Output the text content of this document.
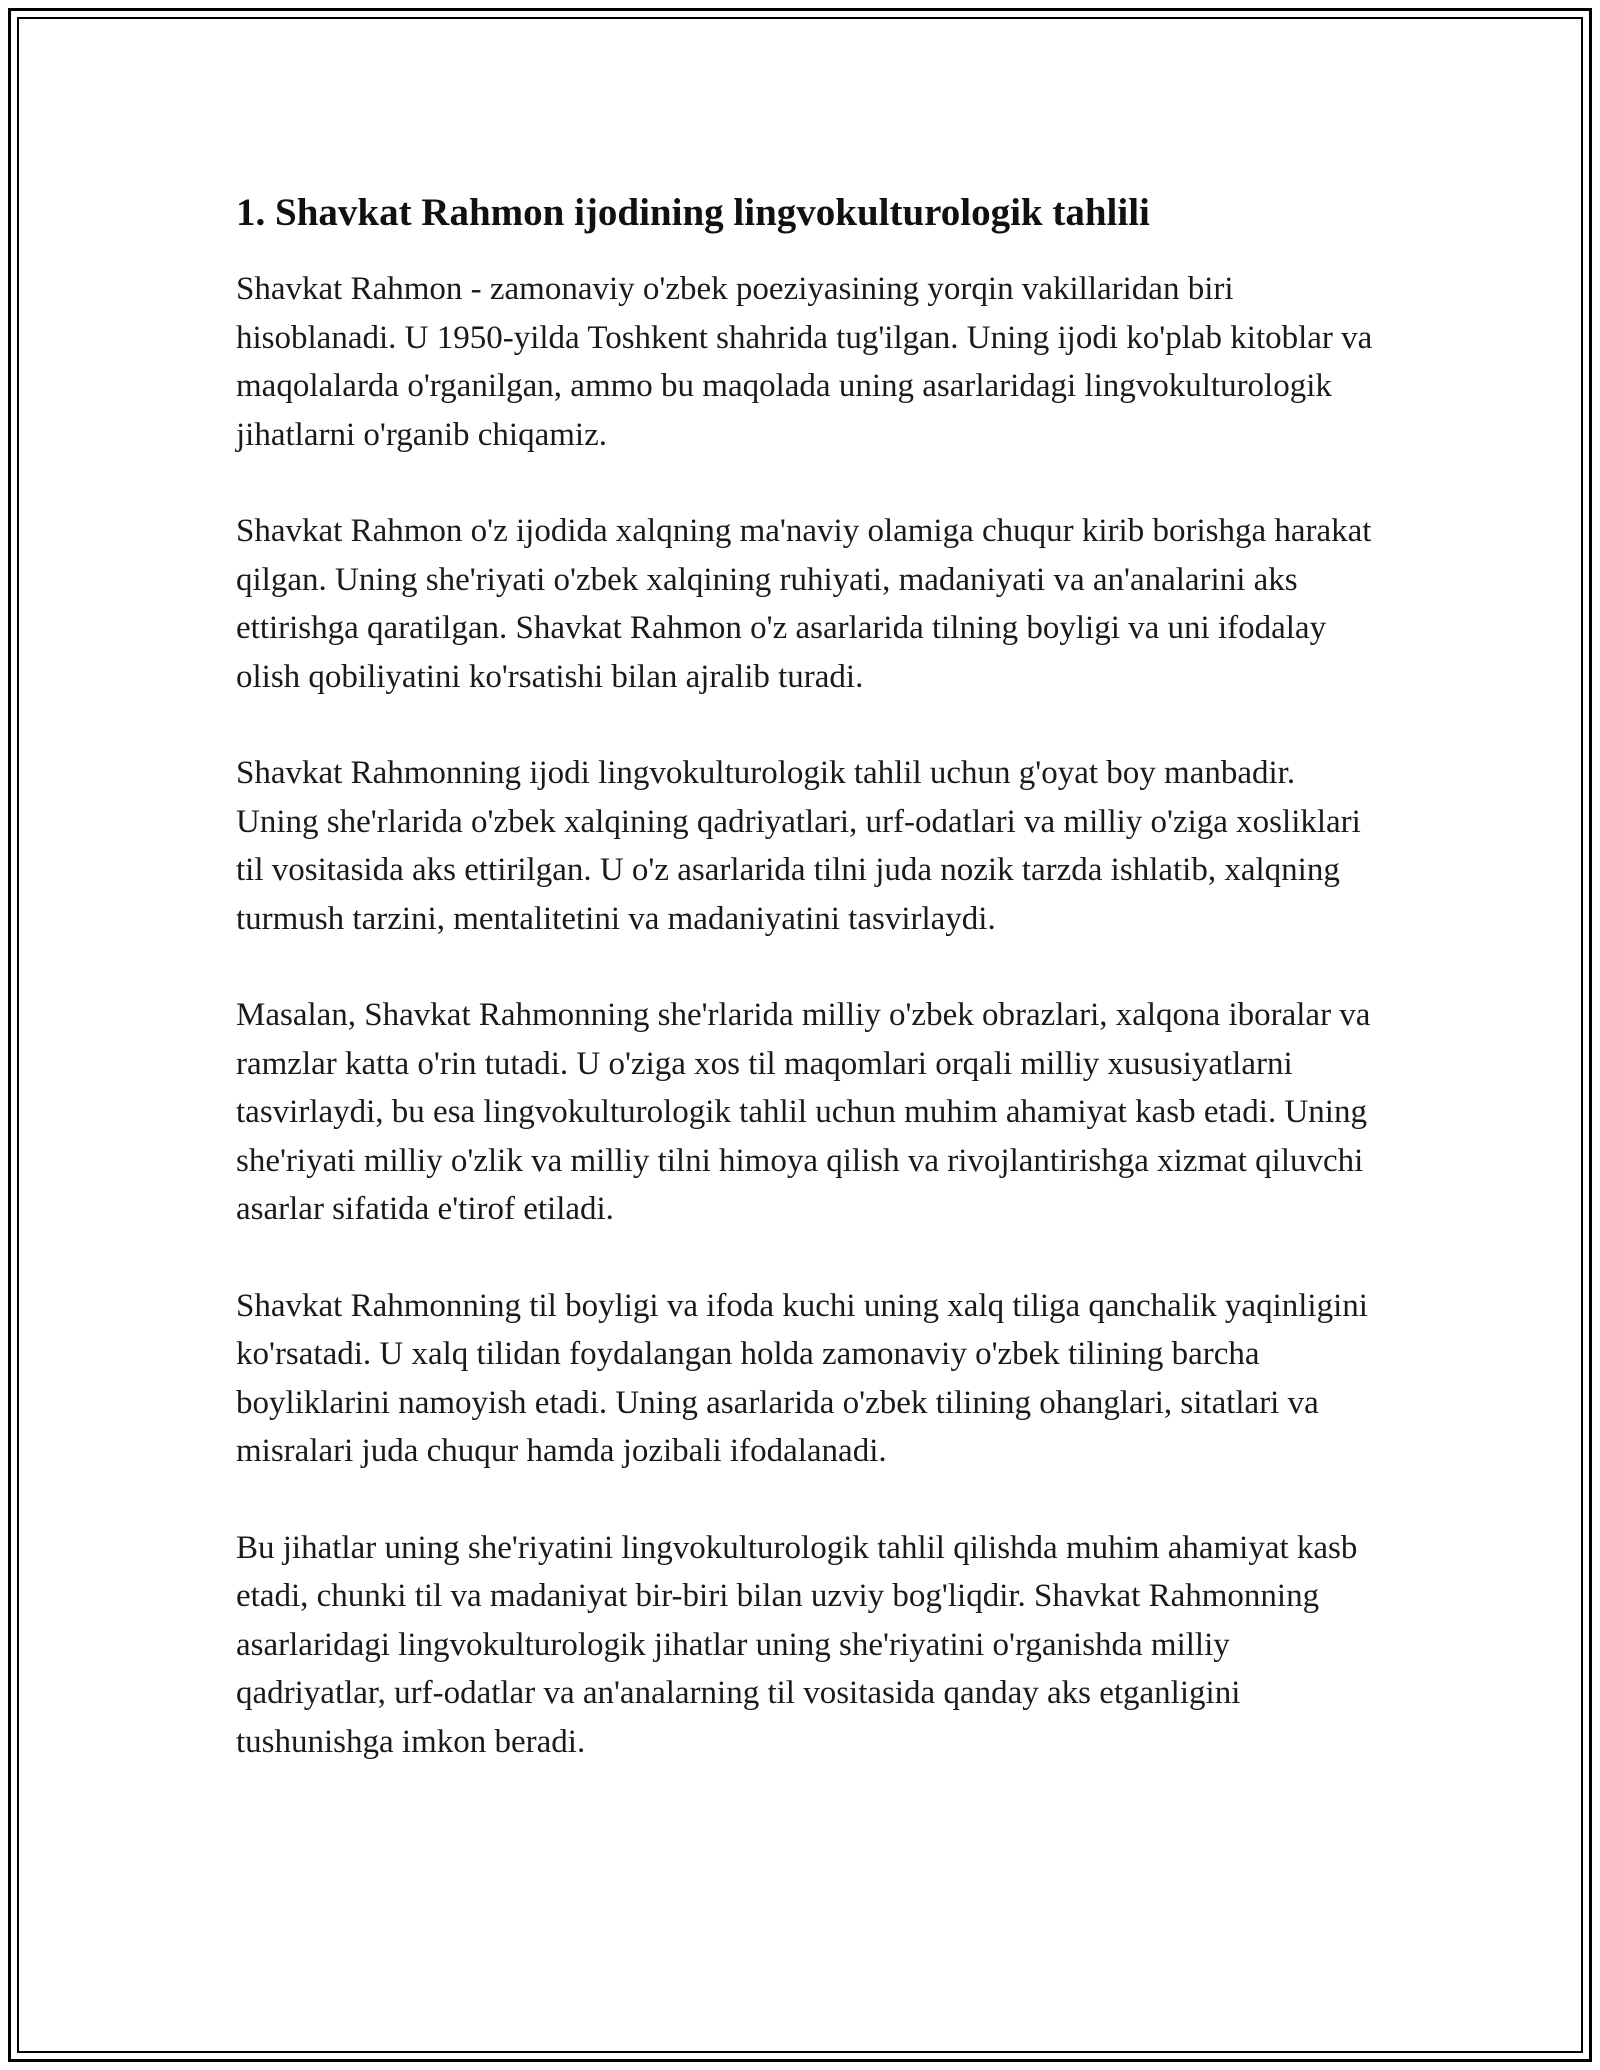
1. Shavkat Rahmon ijodining lingvokulturologik tahlili

Shavkat Rahmon - zamonaviy o'zbek poeziyasining yorqin vakillaridan biri hisoblanadi. U 1950-yilda Toshkent shahrida tug'ilgan. Uning ijodi ko'plab kitoblar va maqolalarda o'rganilgan, ammo bu maqolada uning asarlaridagi lingvokulturologik jihatlarni o'rganib chiqamiz.

Shavkat Rahmon o'z ijodida xalqning ma'naviy olamiga chuqur kirib borishga harakat qilgan. Uning she'riyati o'zbek xalqining ruhiyati, madaniyati va an'analarini aks ettirishga qaratilgan. Shavkat Rahmon o'z asarlarida tilning boyligi va uni ifodalay olish qobiliyatini ko'rsatishi bilan ajralib turadi.

Shavkat Rahmonning ijodi lingvokulturologik tahlil uchun g'oyat boy manbadir. Uning she'rlarida o'zbek xalqining qadriyatlari, urf-odatlari va milliy o'ziga xosliklari til vositasida aks ettirilgan. U o'z asarlarida tilni juda nozik tarzda ishlatib, xalqning turmush tarzini, mentalitetini va madaniyatini tasvirlaydi.

Masalan, Shavkat Rahmonning she'rlarida milliy o'zbek obrazlari, xalqona iboralar va ramzlar katta o'rin tutadi. U o'ziga xos til maqomlari orqali milliy xususiyatlarni tasvirlaydi, bu esa lingvokulturologik tahlil uchun muhim ahamiyat kasb etadi. Uning she'riyati milliy o'zlik va milliy tilni himoya qilish va rivojlantirishga xizmat qiluvchi asarlar sifatida e'tirof etiladi.

Shavkat Rahmonning til boyligi va ifoda kuchi uning xalq tiliga qanchalik yaqinligini ko'rsatadi. U xalq tilidan foydalangan holda zamonaviy o'zbek tilining barcha boyliklarini namoyish etadi. Uning asarlarida o'zbek tilining ohanglari, sitatlari va misralari juda chuqur hamda jozibali ifodalanadi.

Bu jihatlar uning she'riyatini lingvokulturologik tahlil qilishda muhim ahamiyat kasb etadi, chunki til va madaniyat bir-biri bilan uzviy bog'liqdir. Shavkat Rahmonning asarlaridagi lingvokulturologik jihatlar uning she'riyatini o'rganishda milliy qadriyatlar, urf-odatlar va an'analarning til vositasida qanday aks etganligini tushunishga imkon beradi.
